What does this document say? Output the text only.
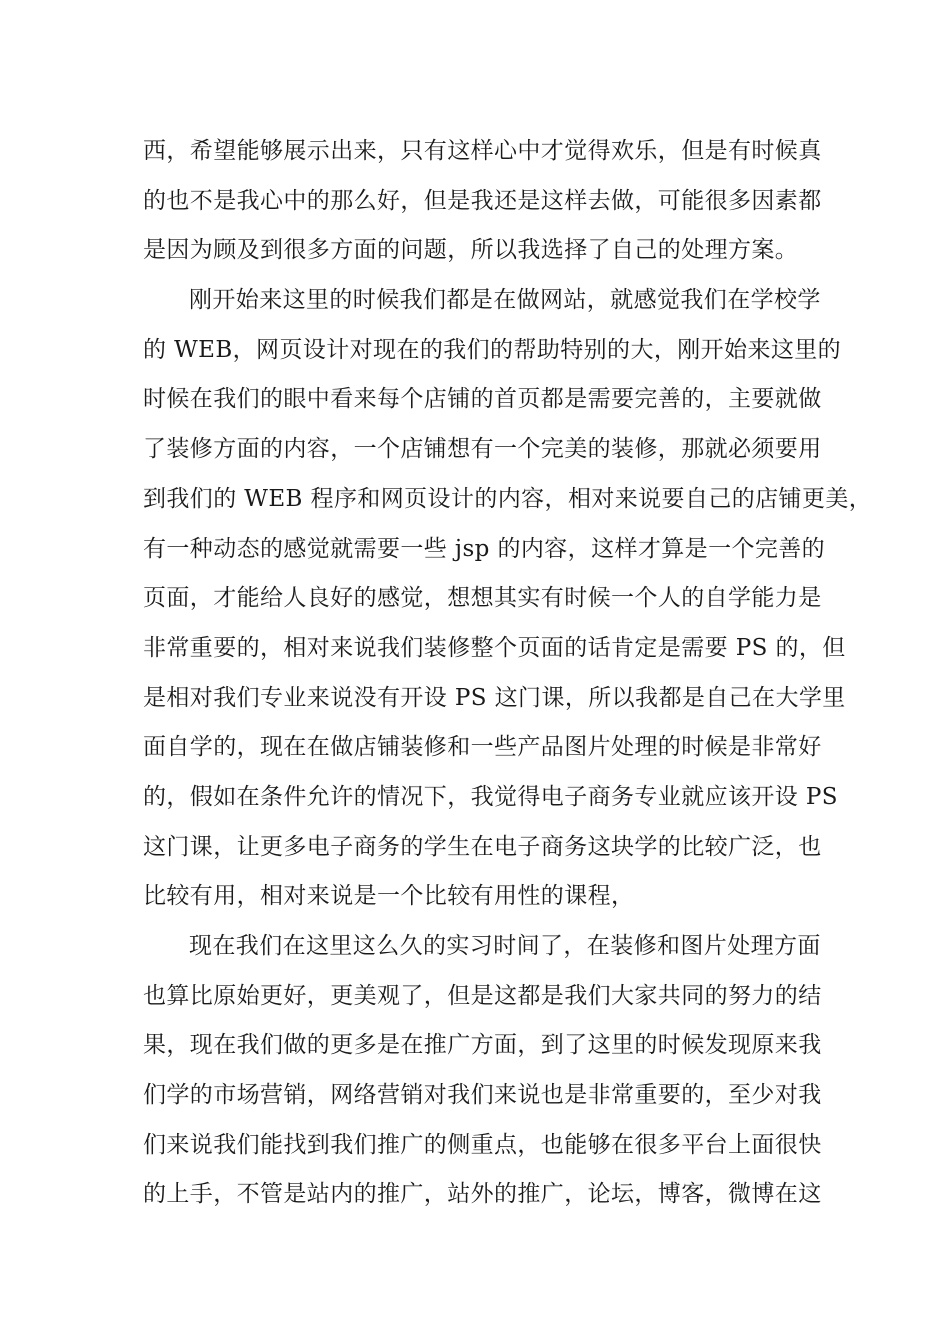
西，希望能够展示出来，只有这样心中才觉得欢乐，但是有时候真
的也不是我心中的那么好，但是我还是这样去做，可能很多因素都
是因为顾及到很多方面的问题，所以我选择了自己的处理方案。
刚开始来这里的时候我们都是在做网站，就感觉我们在学校学
的 WEB，网页设计对现在的我们的帮助特别的大，刚开始来这里的
时候在我们的眼中看来每个店铺的首页都是需要完善的，主要就做
了装修方面的内容，一个店铺想有一个完美的装修，那就必须要用
到我们的 WEB 程序和网页设计的内容，相对来说要自己的店铺更美，
有一种动态的感觉就需要一些 jsp 的内容，这样才算是一个完善的
页面，才能给人良好的感觉，想想其实有时候一个人的自学能力是
非常重要的，相对来说我们装修整个页面的话肯定是需要 PS 的，但
是相对我们专业来说没有开设 PS 这门课，所以我都是自己在大学里
面自学的，现在在做店铺装修和一些产品图片处理的时候是非常好
的，假如在条件允许的情况下，我觉得电子商务专业就应该开设 PS
这门课，让更多电子商务的学生在电子商务这块学的比较广泛，也
比较有用，相对来说是一个比较有用性的课程，
现在我们在这里这么久的实习时间了，在装修和图片处理方面
也算比原始更好，更美观了，但是这都是我们大家共同的努力的结
果，现在我们做的更多是在推广方面，到了这里的时候发现原来我
们学的市场营销，网络营销对我们来说也是非常重要的，至少对我
们来说我们能找到我们推广的侧重点，也能够在很多平台上面很快
的上手，不管是站内的推广，站外的推广，论坛，博客，微博在这
